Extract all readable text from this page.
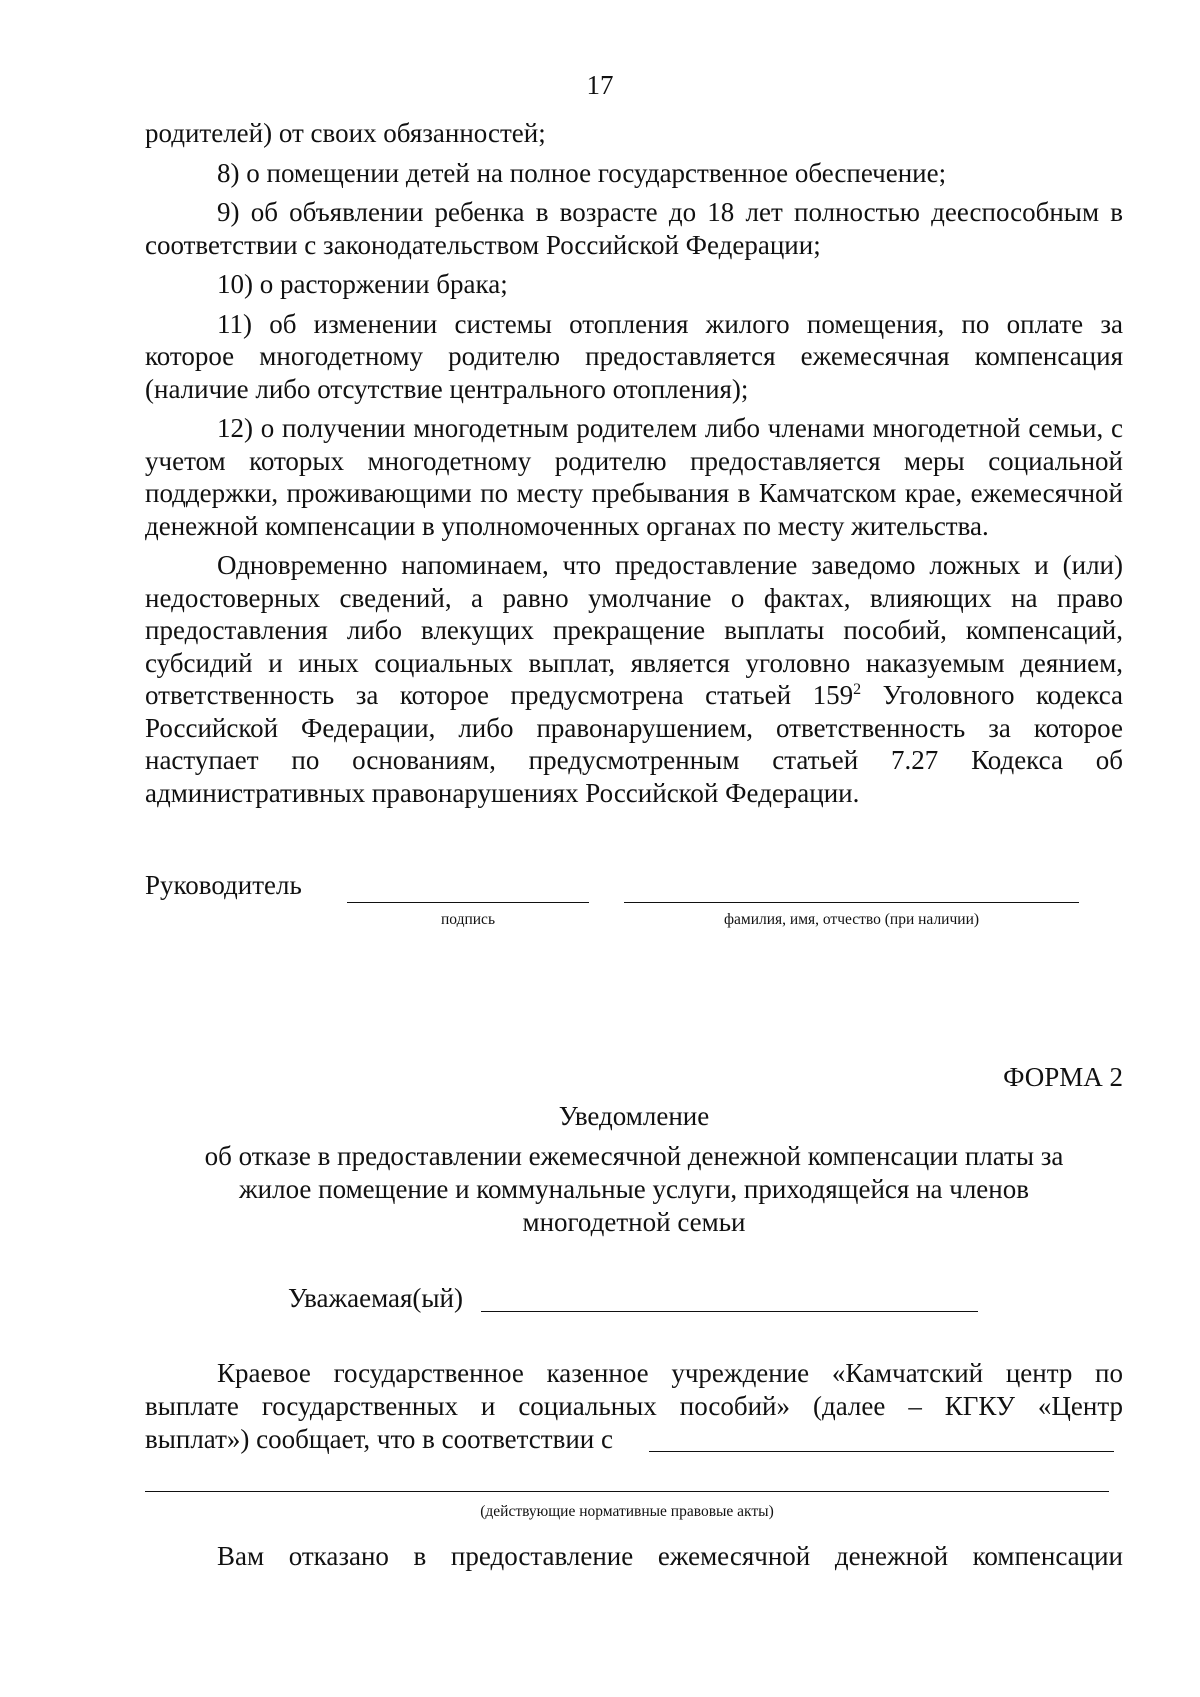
17

родителей) от своих обязанностей;

8) о помещении детей на полное государственное обеспечение;

9) об объявлении ребенка в возрасте до 18 лет полностью дееспособным в соответствии с законодательством Российской Федерации;

10) о расторжении брака;

11) об изменении системы отопления жилого помещения, по оплате за которое многодетному родителю предоставляется ежемесячная компенсация (наличие либо отсутствие центрального отопления);

12) о получении многодетным родителем либо членами многодетной семьи, с учетом которых многодетному родителю предоставляется меры социальной поддержки, проживающими по месту пребывания в Камчатском крае, ежемесячной денежной компенсации в уполномоченных органах по месту жительства.

Одновременно напоминаем, что предоставление заведомо ложных и (или) недостоверных сведений, а равно умолчание о фактах, влияющих на право предоставления либо влекущих прекращение выплаты пособий, компенсаций, субсидий и иных социальных выплат, является уголовно наказуемым деянием, ответственность за которое предусмотрена статьей $159^2$ Уголовного кодекса Российской Федерации, либо правонарушением, ответственность за которое наступает по основаниям, предусмотренным статьей 7.27 Кодекса об административных правонарушениях Российской Федерации.

Руководитель
подпись	фамилия, имя, отчество (при наличии)
ФОРМА 2
Уведомление
об отказе в предоставлении ежемесячной денежной компенсации платы за
жилое помещение и коммунальные услуги, приходящейся на членов
многодетной семьи
Уважаемая(ый)
Краевое государственное казенное учреждение «Камчатский центр по
выплате государственных и социальных пособий» (далее – КГКУ «Центр
выплат») сообщает, что в соответствии с
(действующие нормативные правовые акты)
Вам отказано в предоставление ежемесячной денежной компенсации
